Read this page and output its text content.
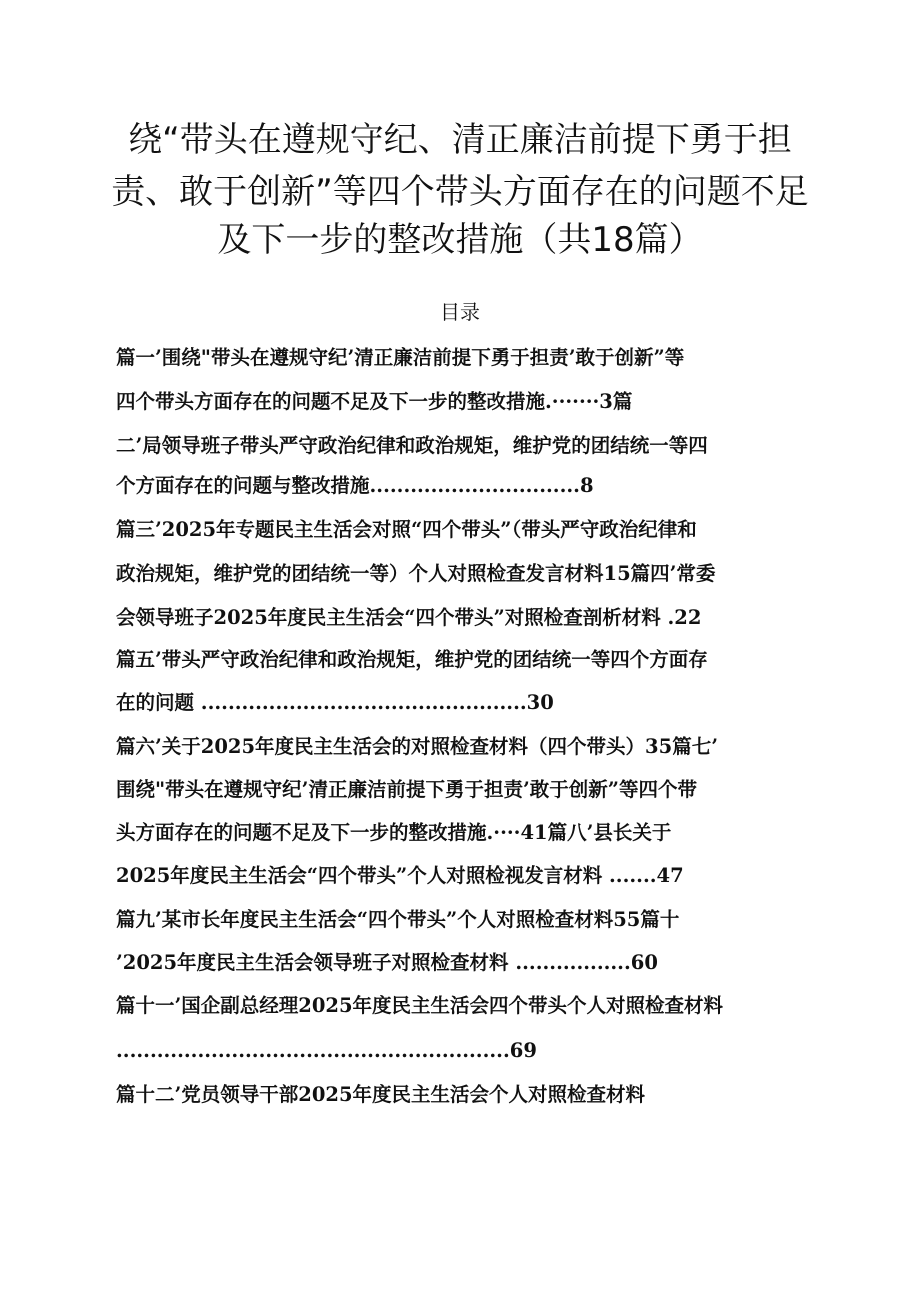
绕“带头在遵规守纪、清正廉洁前提下勇于担
责、敢于创新”等四个带头方面存在的问题不足
及下一步的整改措施（共18篇）
目录
篇一’围绕"带头在遵规守纪’清正廉洁前提下勇于担责’敢于创新”等
四个带头方面存在的问题不足及下一步的整改措施.·······3篇
二’局领导班子带头严守政治纪律和政治规矩，维护党的团结统一等四
个方面存在的问题与整改措施...............................8
篇三’2025年专题民主生活会对照“四个带头”（带头严守政治纪律和
政治规矩，维护党的团结统一等）个人对照检查发言材料15篇四’常委
会领导班子2025年度民主生活会“四个带头”对照检查剖析材料 .22
篇五’带头严守政治纪律和政治规矩，维护党的团结统一等四个方面存
在的问题 ................................................30
篇六’关于2025年度民主生活会的对照检查材料（四个带头）35篇七’
围绕"带头在遵规守纪’清正廉洁前提下勇于担责’敢于创新”等四个带
头方面存在的问题不足及下一步的整改措施.····41篇八’县长关于
2025年度民主生活会“四个带头”个人对照检视发言材料 .......47
篇九’某市长年度民主生活会“四个带头”个人对照检查材料55篇十
’2025年度民主生活会领导班子对照检查材料 .................60
篇十一’国企副总经理2025年度民主生活会四个带头个人对照检查材料
..........................................................69
篇十二’党员领导干部2025年度民主生活会个人对照检查材料
